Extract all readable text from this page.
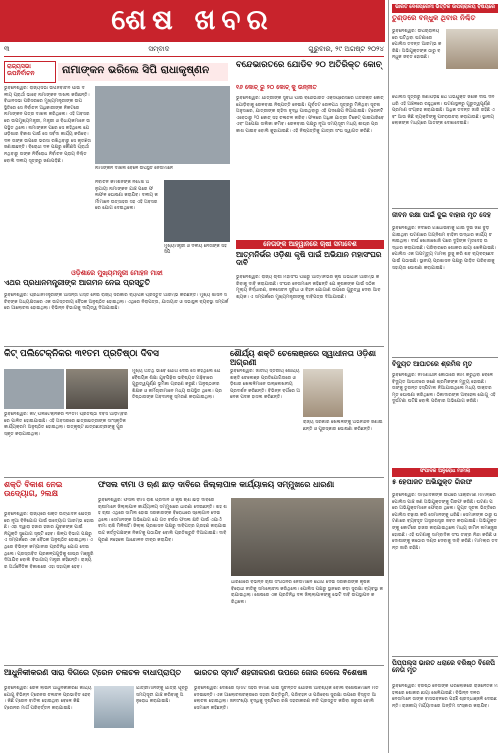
ଶେଷ ଖବର
୩	ସମ୍ବାଦ	ଗୁରୁବାର, ୨୯ ଅଗଷ୍ଟ ୨୦୨୪
ରାଜ୍ୟସଭା ଉପନିର୍ବାଚନ	ନାମାଙ୍କନ ଭରିଲେ ସିପି ରାଧାକୃଷ୍ଣନ
ଭୁବନେଶ୍ୱର: ରାଜ୍ୟସଭା ଉପନିର୍ବାଚନ ପାଇଁ ଦଳୀୟ ପ୍ରାର୍ଥୀ ଭାବେ ନାମାଙ୍କନ ଦାଖଲ କରିଛନ୍ତି। ବିଧାନସଭା ପରିସରରେ ମୁଖ୍ୟମନ୍ତ୍ରୀଙ୍କ ଉପସ୍ଥିତିରେ ସେ ନିର୍ବାଚନ ଅଧିକାରୀଙ୍କ ନିକଟରେ ନାମାଙ୍କନ ପତ୍ର ଦାଖଲ କରିଥିଲେ। ଏହି ଅବସରରେ ଉପମୁଖ୍ୟମନ୍ତ୍ରୀ, ମନ୍ତ୍ରୀ ଓ ବିଧାୟକମାନେ ଉପସ୍ଥିତ ଥିଲେ। ନାମାଙ୍କନ ପରେ ସେ କହିଥିଲେ ଯେ ଓଡ଼ିଶାର ବିକାଶ ପାଇଁ ସେ ସର୍ବଦା କାର୍ଯ୍ୟ କରିବେ। ଦଳ ତାଙ୍କ ଉପରେ ଭରସା ରଖିଥିବାରୁ ସେ କୃତଜ୍ଞତା ଜଣାଇଛନ୍ତି। ବିରୋଧୀ ଦଳ ପକ୍ଷରୁ କୌଣସି ପ୍ରାର୍ଥୀ ନଥିବାରୁ ତାଙ୍କ ନିର୍ବିରୋଧ ନିର୍ବାଚନ ପ୍ରାୟ ନିଶ୍ଚିତ ବୋଲି ଦଳୀୟ ସୂତ୍ରରୁ ଜଣାପଡ଼ିଛି।
ନାମାଙ୍କନ ଦାଖଲ ବେଳେ ଉପସ୍ଥିତ ନେତାମାନେ
ନିର୍ବାଚନ କମିଶନଙ୍କ ନିର୍ଦ୍ଦେଶ ଅନୁଯାୟୀ ନାମାଙ୍କନ ଯାଞ୍ଚ ପରେ ଫଳାଫଳ ଘୋଷଣା କରାଯିବ। ଦଳୀୟ କର୍ମୀମାନେ ଉତ୍ସାହର ସହ ଏହି ଅବସରରେ ଯୋଗ ଦେଇଥିଲେ।
ମୁଖ୍ୟମନ୍ତ୍ରୀ ଓ ଦଳୀୟ ନେତାଙ୍କ ସହ ସିପି
ବନ୍ଦେଭାରତରେ ଯୋଡିବ ୨୦ ଅତିରିକ୍ତ କୋଚ୍
୧୬ କୋଚ୍ ରୁ ୨୦ କୋଚ୍ କୁ ଉନ୍ନୀତ
ଭୁବନେଶ୍ୱର: ଯାତ୍ରୀଙ୍କ ସୁବିଧା ପାଇଁ ବନ୍ଦେଭାରତ ଏକ୍ସପ୍ରେସରେ ଅତିରିକ୍ତ କୋଚ୍ ଯୋଡ଼ିବାକୁ ରେଳବାଇ ନିଷ୍ପତ୍ତି ନେଇଛି। ପୂର୍ବତଟ ରେଳପଥ ସୂତ୍ରରୁ ମିଳିଥିବା ସୂଚନା ଅନୁସାରେ, ଯାତ୍ରୀଙ୍କ ଚାହିଦା ବୃଦ୍ଧି ପାଇଥିବାରୁ ଏହି ପଦକ୍ଷେପ ନିଆଯାଇଛି। ଟ୍ରେନଟି ଏବେଠାରୁ ୨୦ କୋଚ୍ ସହ ଚଳାଚଳ କରିବ। ଫଳରେ ଅଧିକ ଯାତ୍ରୀ ଟିକେଟ୍ ପାଇପାରିବେ ଏବଂ ଅପେକ୍ଷା ତାଲିକା କମିବ। ରେଳବାଇ ପକ୍ଷରୁ ନୂଆ ସମୟସୂଚୀ ମଧ୍ୟ ଶୀଘ୍ର ପ୍ରକାଶ ପାଇବ ବୋଲି କୁହାଯାଇଛି। ଏହି ନିଷ୍ପତ୍ତିକୁ ଯାତ୍ରୀ ସଂଘ ସ୍ୱାଗତ କରିଛି।
ଓଡ଼ିଶାରେ ମୁଖ୍ୟମନ୍ତ୍ରୀ ମୋହନ ମାଝୀ
ଏଥର ପ୍ରଧାନମନ୍ତ୍ରୀଙ୍କ ଆଗମନ ନେଇ ପ୍ରସ୍ତୁତି
ଭୁବନେଶ୍ୱର: ପ୍ରଧାନମନ୍ତ୍ରୀଙ୍କ ଆସନ୍ତା ଗସ୍ତ ନେଇ ରାଜ୍ୟ ସରକାର ବ୍ୟାପକ ପ୍ରସ୍ତୁତି ଆରମ୍ଭ କରିଛନ୍ତି। ମୁଖ୍ୟ ଶାସନ ସଚିବଙ୍କ ଅଧ୍ୟକ୍ଷତାରେ ଏକ ଉଚ୍ଚସ୍ତରୀୟ ବୈଠକ ଅନୁଷ୍ଠିତ ହୋଇଥିଲା। ଏଥିରେ ନିରାପତ୍ତା, ଯାତାୟାତ ଓ ସଭାସ୍ଥଳ ବ୍ୟବସ୍ଥା ସମ୍ପର୍କରେ ଆଲୋଚନା ହୋଇଥିଲା। ବିଭିନ୍ନ ବିଭାଗକୁ ଦାୟିତ୍ୱ ଦିଆଯାଇଛି।
ନେତାଙ୍କ ଆହ୍ୱାନରେ ଚାଷୀ ସମାବେଶ
ଆତ୍ମନିର୍ଭର ଓଡ଼ିଶା କୃଷି ପାଇଁ ଅଭିଯାନ ମହାସଂଘର ଦାବି
ଭୁବନେଶ୍ୱର: ରାଜ୍ୟ ଚାଷୀ ମହାସଂଘ ପକ୍ଷରୁ ଆତ୍ମନିର୍ଭର କୃଷି ଅଭିଯାନ ଆରମ୍ଭ କରିବାକୁ ଦାବି କରାଯାଇଛି। ସଂଘର ନେତାମାନେ କହିଛନ୍ତି ଯେ କୃଷକଙ୍କ ପାଇଁ ସଠିକ ମୂଲ୍ୟ ନିର୍ଦ୍ଧାରଣ, ଜଳସେଚନ ସୁବିଧା ଓ ବିହନ ଯୋଗାଣ ଉପରେ ଗୁରୁତ୍ୱ ଦେବା ଆବଶ୍ୟକ। ଏ ସମ୍ପର୍କରେ ମୁଖ୍ୟମନ୍ତ୍ରୀଙ୍କୁ ଦାବିପତ୍ର ଦିଆଯାଇଛି।
କିଟ୍ ପଲିଟେକ୍ନିକର ୩୧ତମ ପ୍ରତିଷ୍ଠା ଦିବସ
ଭୁବନେଶ୍ୱର: କିଟ୍ ପଲିଟେକ୍ନିକର ୩୧ତମ ପ୍ରତିଷ୍ଠା ଦିବସ ଆଡ଼ମ୍ବରରେ ପାଳିତ ହୋଇଯାଇଛି। ଏହି ଅବସରରେ ଛାତ୍ରଛାତ୍ରୀଙ୍କ ସାଂସ୍କୃତିକ କାର୍ଯ୍ୟକ୍ରମ ଅନୁଷ୍ଠିତ ହୋଇଥିଲା। ଉତ୍କୃଷ୍ଟ ଛାତ୍ରଛାତ୍ରୀଙ୍କୁ ପୁରସ୍କୃତ କରାଯାଇଥିଲା।
ମୁଖ୍ୟ ଅତିଥି ଭାବେ ଯୋଗ ଦେଇ ସେ କହିଥିଲେ ଯେ ବୈଷୟିକ ଶିକ୍ଷା ଯୁବପିଢ଼ିର ଭବିଷ୍ୟତ ଗଢ଼ିବାରେ ଗୁରୁତ୍ୱପୂର୍ଣ୍ଣ ଭୂମିକା ଗ୍ରହଣ କରୁଛି। ଅନୁଷ୍ଠାନର ଶିକ୍ଷକ ଓ କର୍ମଚାରୀମାନେ ମଧ୍ୟ ଉପସ୍ଥିତ ଥିଲେ। ପ୍ରତିଷ୍ଠାତାଙ୍କ ଅବଦାନକୁ ସ୍ମରଣ କରାଯାଇଥିଲା।
ଶୌର୍ଯ୍ୟ ଶକ୍ତି ଚେଲେଞ୍ଜରେ ସ୍ୱାଧୀନତା ଓଡ଼ିଶା ଅଗ୍ରଣୀ
ଭୁବନେଶ୍ୱର: ଜାତୀୟ ସ୍ତରୀୟ ଶୌର୍ଯ୍ୟ ଶକ୍ତି ଚେଲେଞ୍ଜ ପ୍ରତିଯୋଗିତାରେ ଓଡ଼ିଶାର ଖେଳାଳିମାନେ ଉଲ୍ଲେଖନୀୟ ପ୍ରଦର୍ଶନ କରିଛନ୍ତି। ବିଭିନ୍ନ ବର୍ଗରେ ଅନେକ ପଦକ ହାସଲ କରିଛନ୍ତି।
ରାଜ୍ୟ ସରକାର ଖେଳାଳିଙ୍କୁ ଅଭିନନ୍ଦନ ଜଣାଇଛନ୍ତି ଓ ପୁରସ୍କାର ଘୋଷଣା କରିଛନ୍ତି।
ଶକ୍ତି ବିକାଶ ନେଇ ଉଦ୍ୟୋଗ, ୨ଲକ୍ଷ
ଭୁବନେଶ୍ୱର: ରାଜ୍ୟରେ ଶକ୍ତି ଉତ୍ପାଦନ କ୍ଷେତ୍ରରେ ନୂଆ ବିନିଯୋଗ ପାଇଁ ଉଦ୍ୟୋଗ ଆରମ୍ଭ ହୋଇଛି। ଏହା ଦ୍ୱାରା ହଜାର ହଜାର ଯୁବକଙ୍କ ପାଇଁ ନିଯୁକ୍ତି ସୁଯୋଗ ସୃଷ୍ଟି ହେବ। ଶିଳ୍ପ ବିଭାଗ ପକ୍ଷରୁ ଏ ସମ୍ପର୍କରେ ଏକ ବୈଠକ ଅନୁଷ୍ଠିତ ହୋଇଥିଲା। ଏଥିରେ ବିଭିନ୍ନ କମ୍ପାନୀର ପ୍ରତିନିଧି ଯୋଗ ଦେଇଥିଲେ। ପ୍ରସ୍ତାବିତ ପ୍ରକଳ୍ପଗୁଡ଼ିକୁ ଶୀଘ୍ର ମଞ୍ଜୁରି ଦିଆଯିବ ବୋଲି ବିଭାଗୀୟ ମନ୍ତ୍ରୀ କହିଛନ୍ତି। ରାଜ୍ୟର ଅର୍ଥନୈତିକ ବିକାଶରେ ଏହା ସହାୟକ ହେବ।
ଫସଲ ବୀମା ଓ ଋଣ ଛାଡ଼ ଦାବିରେ ଜିଲ୍ଲାପାଳ କାର୍ଯ୍ୟାଳୟ ସମ୍ମୁଖରେ ଧାରଣା
ଭୁବନେଶ୍ୱର: ଫସଲ ବୀମା ରାଶି ପ୍ରଦାନ ଓ କୃଷି ଋଣ ଛାଡ଼ ଦାବିରେ ଚାଷୀମାନେ ଜିଲ୍ଲାପାଳ କାର୍ଯ୍ୟାଳୟ ସମ୍ମୁଖରେ ଧାରଣା ଦେଇଛନ୍ତି। ଶହ ଶହ ଚାଷୀ ଏଥିରେ ସାମିଲ ହୋଇ ସରକାରଙ୍କ ବିରୋଧରେ ସ୍ଲୋଗାନ ଦେଇଥିଲେ। ସେମାନଙ୍କ ଅଭିଯୋଗ ଯେ ଗତ ବର୍ଷର ଫସଲ କ୍ଷତି ପାଇଁ ଏଯାଏଁ ବୀମା ରାଶି ମିଳିନାହିଁ। ଜିଲ୍ଲା ପ୍ରଶାସନ ପକ୍ଷରୁ ଦାବିପତ୍ର ଗ୍ରହଣ କରାଯାଇ ଉଚ୍ଚ କର୍ତ୍ତୃପକ୍ଷଙ୍କ ନିକଟକୁ ପଠାଯିବ ବୋଲି ପ୍ରତିଶ୍ରୁତି ଦିଆଯାଇଛି। ଦାବି ପୂରଣ ନହେଲେ ଆନ୍ଦୋଳନ ତୀବ୍ର କରାଯିବ।
ଧାରଣାରେ ବିଭିନ୍ନ ଚାଷୀ ସଂଗଠନର ନେତାମାନେ ଯୋଗ ଦେଇ ସରକାରଙ୍କ କୃଷକ ବିରୋଧୀ ନୀତିକୁ ସମାଲୋଚନା କରିଥିଲେ। ପୋଲିସ ପକ୍ଷରୁ ସ୍ଥାନରେ କଡ଼ା ସୁରକ୍ଷା ବ୍ୟବସ୍ଥା କରାଯାଇଥିଲା। ଶେଷରେ ଏକ ପ୍ରତିନିଧି ଦଳ ଜିଲ୍ଲାପାଳଙ୍କୁ ଭେଟି ଦାବି ଉପସ୍ଥାପନ କରିଥିଲେ।
ଆଧୁନିକୀକରଣ ସାରା ଦିଗରେ ଟ୍ରେନ ଚଳାଚଳ ବାଧାପ୍ରାପ୍ତ
ଭୁବନେଶ୍ୱର: ରେଳ ଲାଇନ ଆଧୁନିକୀକରଣ କାର୍ଯ୍ୟ ଯୋଗୁ ବିଭିନ୍ନ ଟ୍ରେନର ଚଳାଚଳ ପ୍ରଭାବିତ ହେବ। କିଛି ଟ୍ରେନ ବାତିଲ ହୋଇଥିବା ବେଳେ କିଛି ଟ୍ରେନର ମାର୍ଗ ପରିବର୍ତ୍ତନ କରାଯାଇଛି।
ଯାତ୍ରୀମାନଙ୍କୁ ଯାତ୍ରା ପୂର୍ବରୁ ସମୟସୂଚୀ ଯାଞ୍ଚ କରିବାକୁ ଅନୁରୋଧ କରାଯାଇଛି।
ଭାରତର ସ୍ମାର୍ଟ ଶହରୀକରଣ ଉପରେ ଜୋର ଦେଲେ ବିଶେଷଜ୍ଞ
ଭୁବନେଶ୍ୱର: ଦେଶରେ ସ୍ମାର୍ଟ ସହର ନିର୍ମାଣ ପାଇଁ ସୁଚିନ୍ତିତ ଯୋଜନା ଆବଶ୍ୟକ ବୋଲି ବିଶେଷଜ୍ଞମାନେ ମତ ଦେଇଛନ୍ତି। ଏକ ଆଲୋଚନାଚକ୍ରରେ ସହରୀ ଭିତ୍ତିଭୂମି, ପରିବହନ ଓ ପରିବେଶ ସୁରକ୍ଷା ଉପରେ ବିସ୍ତୃତ ଆଲୋଚନା ହୋଇଥିଲା। ଜନସଂଖ୍ୟା ବୃଦ୍ଧିକୁ ଦୃଷ୍ଟିରେ ରଖି ସହରୀକରଣ ନୀତି ପ୍ରସ୍ତୁତ କରିବା ଜରୁରୀ ବୋଲି ସେମାନେ କହିଛନ୍ତି।
ଭାରତ ଦେଶପ୍ରେମୀ ଭିତ୍ତିକ ଉପଚାରାଳୟ ବିଷୟରେ
ତୁଣ୍ଡରେ ବନ୍ଧୁକ ଥିବାର ନିଶ୍ଚିତ
ଭୁବନେଶ୍ୱର: ଉପଚାରାଳୟରେ ଘଟିଥିବା ଘଟଣାରେ ପୋଲିସ ତଦନ୍ତ ଆରମ୍ଭ କରିଛି। ଅଭିଯୁକ୍ତଙ୍କ ଠାରୁ ବନ୍ଧୁକ ଜବତ ହୋଇଛି।
ପୋଲିସ ସୂତ୍ରରୁ ଜଣାପଡ଼ିଛି ଯେ ଅଭିଯୁକ୍ତ ଜଣକ ଦୀର୍ଘ ଦିନ ଧରି ଏହି ଅଞ୍ଚଳରେ ରହୁଥିଲେ। ଘଟଣାସ୍ଥଳରୁ ଗୁରୁତ୍ୱପୂର୍ଣ୍ଣ ପ୍ରମାଣ ସଂଗ୍ରହ କରାଯାଇଛି। ଅଧିକ ତଦନ୍ତ ଜାରି ରହିଛି ଏବଂ ଆଉ କିଛି ବ୍ୟକ୍ତିଙ୍କୁ ପଚରାଉଚରା କରାଯାଉଛି। ସ୍ଥାନୀୟ ଲୋକଙ୍କ ମଧ୍ୟରେ ଆତଙ୍କ ଦେଖାଦେଇଛି।
ଜୀବନ ରକ୍ଷା ପାଇଁ ଦୁଇ ବାହାର ମୃତ ଦେହ
ଭୁବନେଶ୍ୱର: ନଦୀରେ ଗାଧୋଇବାକୁ ଯାଇ ଦୁଇ ଜଣ ବୁଡ଼ି ଯାଇଥିବା ଘଟଣାରେ ଅଗ୍ନିଶମ ବାହିନୀ ଉଦ୍ଧାର କାର୍ଯ୍ୟ ଚଳାଇଥିଲା। ଦୀର୍ଘ ଖୋଜାଖୋଜି ପରେ ଦୁହିଙ୍କ ମୃତଦେହ ଉଦ୍ଧାର କରାଯାଇଛି। ପରିବାରରେ ଶୋକର ଛାୟା ଖେଳିଯାଇଛି। ପୋଲିସ ଏକ ଅପମୃତ୍ୟୁ ମାମଲା ରୁଜୁ କରି ଶବ ବ୍ୟବଚ୍ଛେଦ ପାଇଁ ପଠାଇଛି। ସ୍ଥାନୀୟ ପ୍ରଶାସନ ପକ୍ଷରୁ ପୀଡ଼ିତ ପରିବାରକୁ ସହାୟତା ଘୋଷଣା କରାଯାଇଛି।
ବିଦ୍ୟୁତ ଆଘାତରେ ଶ୍ରମିକ ମୃତ
ଭୁବନେଶ୍ୱର: ନିର୍ମାଣାଧୀନ କୋଠାରେ କାମ କରୁଥିବା ବେଳେ ବିଦ୍ୟୁତ ଆଘାତରେ ଜଣେ ଶ୍ରମିକଙ୍କ ମୃତ୍ୟୁ ହୋଇଛି। ତାଙ୍କୁ ତୁରନ୍ତ ହସ୍ପିଟାଲ ନିଆଯାଇଥିଲେ ମଧ୍ୟ ଡାକ୍ତର ମୃତ ଘୋଷଣା କରିଥିଲେ। ଠିକାଦାରଙ୍କ ଅବହେଳା ଯୋଗୁ ଏହି ଦୁର୍ଘଟଣା ଘଟିଛି ବୋଲି ପରିବାର ଅଭିଯୋଗ କରିଛି।
ସଂପାଦକ ଅନୁରୋଧ ମାମଲା
୫ ହେପାଜତ ଅଭିଯୁକ୍ତ ଗିରଫ
ଭୁବନେଶ୍ୱର: ସମ୍ପାଦକଙ୍କ ଉପରେ ଆକ୍ରମଣ ମାମଲାରେ ପୋଲିସ ପାଞ୍ଚ ଜଣ ଅଭିଯୁକ୍ତଙ୍କୁ ଗିରଫ କରିଛି। ଘଟଣା ପରେ ଅଭିଯୁକ୍ତମାନେ ଫେରାର ଥିଲେ। ଗୁପ୍ତ ସୂଚନା ଭିତ୍ତିରେ ପୋଲିସ ଚଢ଼ାଉ କରି ସେମାନଙ୍କୁ ଧରିଛି। ସେମାନଙ୍କ ଠାରୁ ଘଟଣାରେ ବ୍ୟବହୃତ ଅସ୍ତ୍ରଶସ୍ତ୍ର ଜବତ କରାଯାଇଛି। ଅଭିଯୁକ୍ତଙ୍କୁ କୋର୍ଟରେ ହାଜର କରାଯାଇଥିଲେ ମଧ୍ୟ ଜାମିନ ନାମଞ୍ଜୁର ହୋଇଛି। ଏହି ଘଟଣାକୁ ସାମ୍ବାଦିକ ସଂଘ ତୀବ୍ର ନିନ୍ଦା କରିଛି ଓ ଦୋଷୀଙ୍କୁ କଠୋର ଦଣ୍ଡ ଦେବାକୁ ଦାବି କରିଛି। ମାମଲାର ତଦନ୍ତ ଜାରି ରହିଛି।
ପିପ୍ପଲ୍ସ ଭାରତ ଧରାରେ ବରିଷ୍ଠ ବିଜେପି ନେତା ମୃତ
ଭୁବନେଶ୍ୱର: ବରିଷ୍ଠ ନେତାଙ୍କ ପରଲୋକରେ ରାଜନୈତିକ ମହଲରେ ଶୋକର ଛାୟା ଖେଳିଯାଇଛି। ବିଭିନ୍ନ ଦଳର ନେତାମାନେ ତାଙ୍କ ବାସଭବନରେ ପହଞ୍ଚି ଶ୍ରଦ୍ଧାଞ୍ଜଳି ଦେଇଛନ୍ତି। ରାଜକୀୟ ମର୍ଯ୍ୟାଦାରେ ଅନ୍ତିମ ସଂସ୍କାର କରାଯିବ।
